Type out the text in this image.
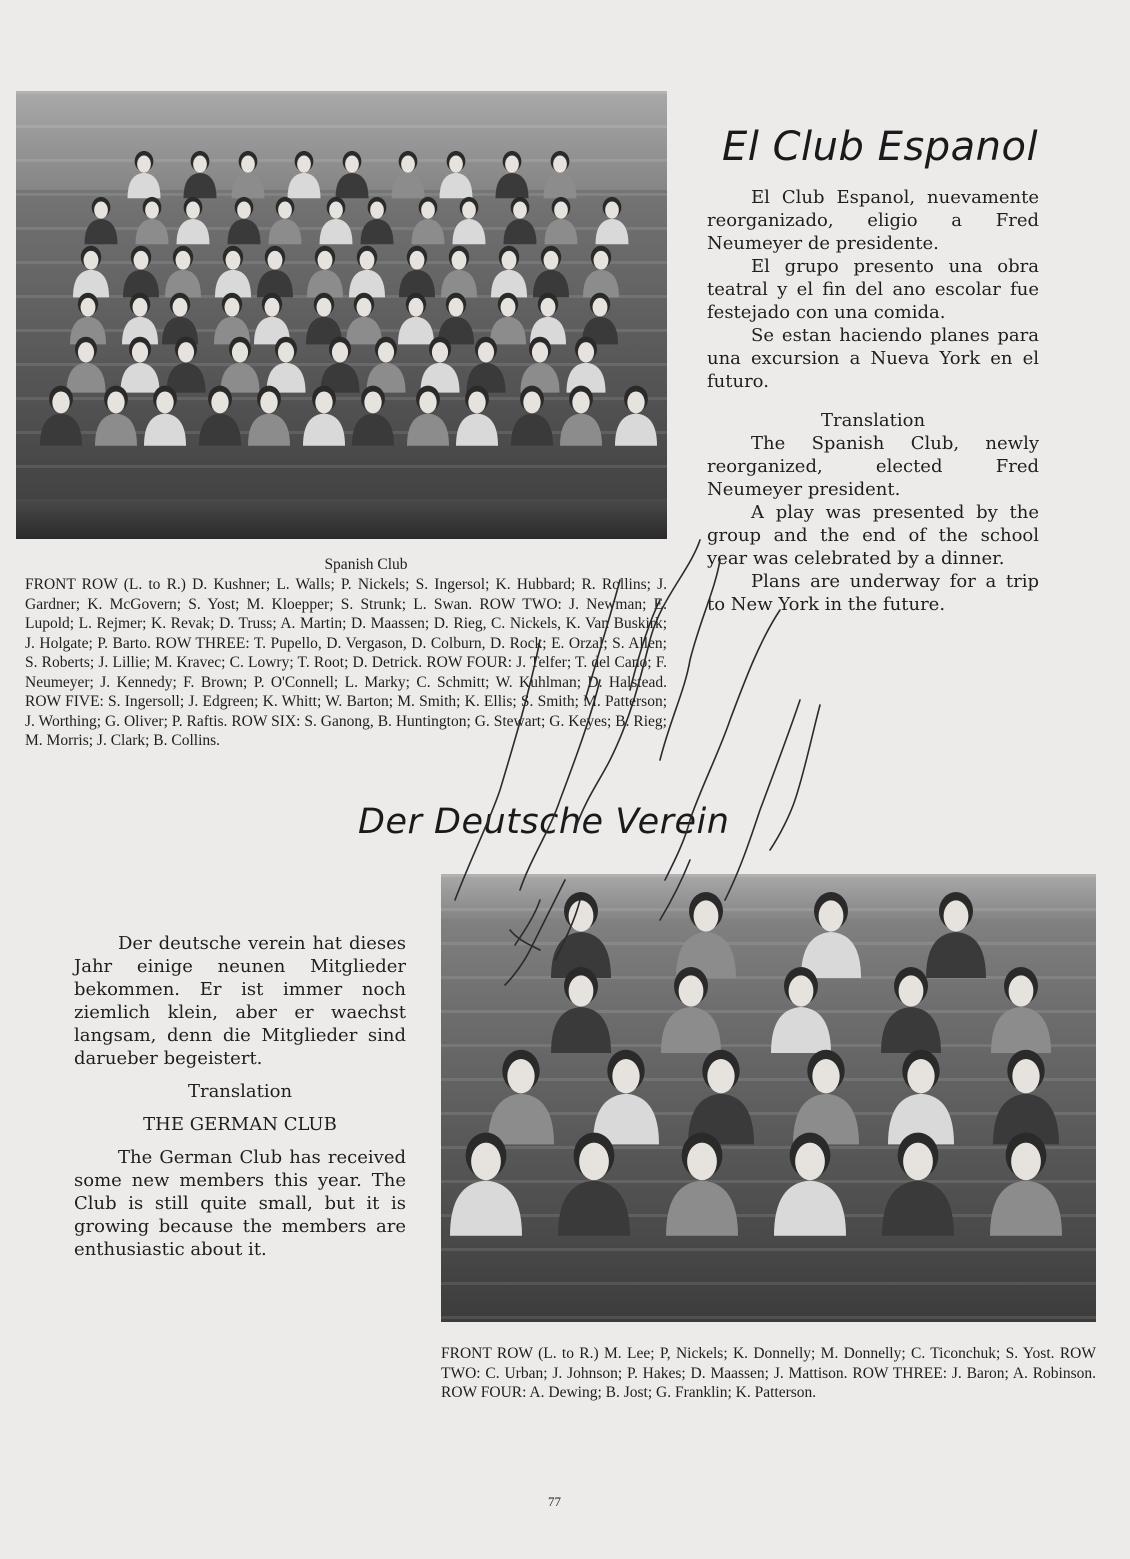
El Club Espanol

El Club Espanol, nuevamente reorganizado, eligio a Fred Neumeyer de presidente.

El grupo presento una obra teatral y el fin del ano escolar fue festejado con una comida.

Se estan haciendo planes para una excursion a Nueva York en el futuro.

Translation

The Spanish Club, newly reorganized, elected Fred Neumeyer president.

A play was presented by the group and the end of the school year was celebrated by a dinner.

Plans are underway for a trip to New York in the future.

Spanish Club

FRONT ROW (L. to R.) D. Kushner; L. Walls; P. Nickels; S. Ingersol; K. Hubbard; R. Rollins; J. Gardner; K. McGovern; S. Yost; M. Kloepper; S. Strunk; L. Swan. ROW TWO: J. Newman; E. Lupold; L. Rejmer; K. Revak; D. Truss; A. Martin; D. Maassen; D. Rieg, C. Nickels, K. Van Buskirk; J. Holgate; P. Barto. ROW THREE: T. Pupello, D. Vergason, D. Colburn, D. Rock; E. Orzal; S. Allen; S. Roberts; J. Lillie; M. Kravec; C. Lowry; T. Root; D. Detrick. ROW FOUR: J. Telfer; T. del Cano; F. Neumeyer; J. Kennedy; F. Brown; P. O'Connell; L. Marky; C. Schmitt; W. Kuhlman; D. Halstead. ROW FIVE: S. Ingersoll; J. Edgreen; K. Whitt; W. Barton; M. Smith; K. Ellis; S. Smith; M. Patterson; J. Worthing; G. Oliver; P. Raftis. ROW SIX: S. Ganong, B. Huntington; G. Stewart; G. Keyes; B. Rieg; M. Morris; J. Clark; B. Collins.

Der Deutsche Verein

Der deutsche verein hat dieses Jahr einige neunen Mitglieder bekommen. Er ist immer noch ziemlich klein, aber er waechst langsam, denn die Mitglieder sind darueber begeistert.

Translation

THE GERMAN CLUB

The German Club has received some new members this year. The Club is still quite small, but it is growing because the members are enthusiastic about it.

FRONT ROW (L. to R.) M. Lee; P, Nickels; K. Donnelly; M. Donnelly; C. Ticonchuk; S. Yost. ROW TWO: C. Urban; J. Johnson; P. Hakes; D. Maassen; J. Mattison. ROW THREE: J. Baron; A. Robinson. ROW FOUR: A. Dewing; B. Jost; G. Franklin; K. Patterson.

77
